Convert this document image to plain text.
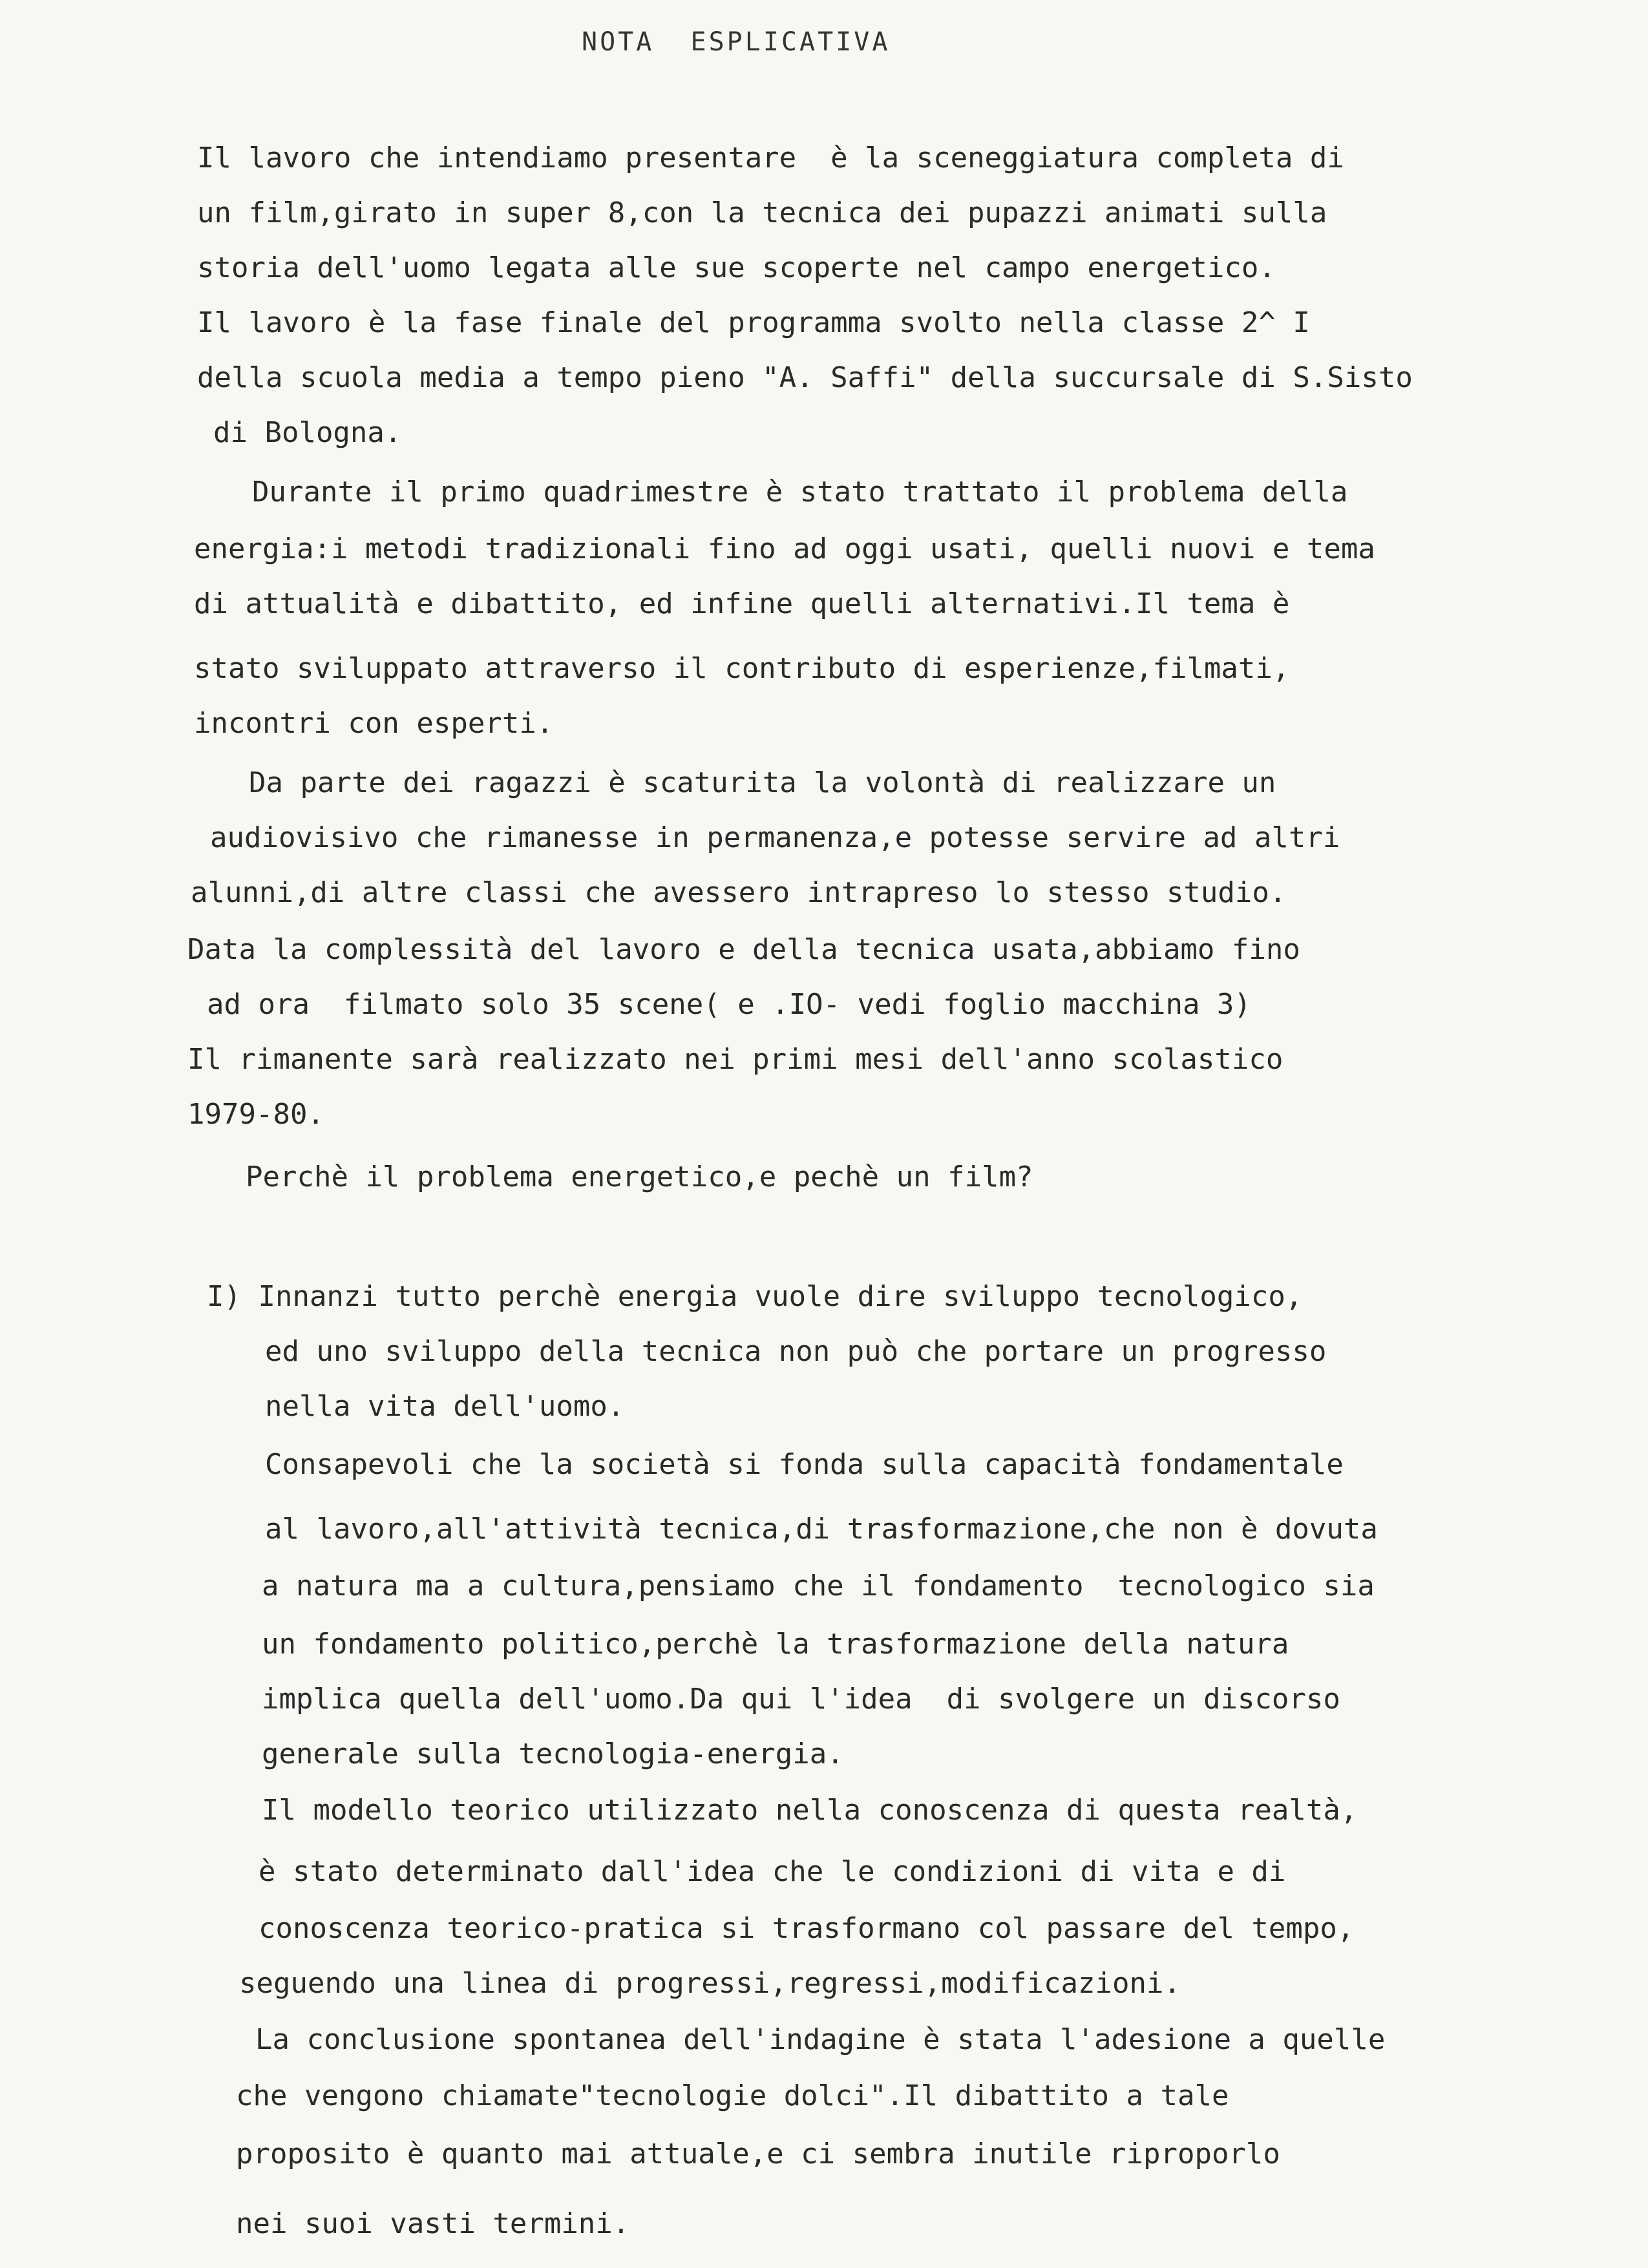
NOTA  ESPLICATIVA
Il lavoro che intendiamo presentare  è la sceneggiatura completa di
un film,girato in super 8,con la tecnica dei pupazzi animati sulla
storia dell'uomo legata alle sue scoperte nel campo energetico.
Il lavoro è la fase finale del programma svolto nella classe 2^ I
della scuola media a tempo pieno "A. Saffi" della succursale di S.Sisto
di Bologna.
Durante il primo quadrimestre è stato trattato il problema della
energia:i metodi tradizionali fino ad oggi usati, quelli nuovi e tema
di attualità e dibattito, ed infine quelli alternativi.Il tema è
stato sviluppato attraverso il contributo di esperienze,filmati,
incontri con esperti.
Da parte dei ragazzi è scaturita la volontà di realizzare un
audiovisivo che rimanesse in permanenza,e potesse servire ad altri
alunni,di altre classi che avessero intrapreso lo stesso studio.
Data la complessità del lavoro e della tecnica usata,abbiamo fino
ad ora  filmato solo 35 scene( e .IO- vedi foglio macchina 3)
Il rimanente sarà realizzato nei primi mesi dell'anno scolastico
1979-80.
Perchè il problema energetico,e pechè un film?
I) Innanzi tutto perchè energia vuole dire sviluppo tecnologico,
ed uno sviluppo della tecnica non può che portare un progresso
nella vita dell'uomo.
Consapevoli che la società si fonda sulla capacità fondamentale
al lavoro,all'attività tecnica,di trasformazione,che non è dovuta
a natura ma a cultura,pensiamo che il fondamento  tecnologico sia
un fondamento politico,perchè la trasformazione della natura
implica quella dell'uomo.Da qui l'idea  di svolgere un discorso
generale sulla tecnologia-energia.
Il modello teorico utilizzato nella conoscenza di questa realtà,
è stato determinato dall'idea che le condizioni di vita e di
conoscenza teorico-pratica si trasformano col passare del tempo,
seguendo una linea di progressi,regressi,modificazioni.
La conclusione spontanea dell'indagine è stata l'adesione a quelle
che vengono chiamate"tecnologie dolci".Il dibattito a tale
proposito è quanto mai attuale,e ci sembra inutile riproporlo
nei suoi vasti termini.
